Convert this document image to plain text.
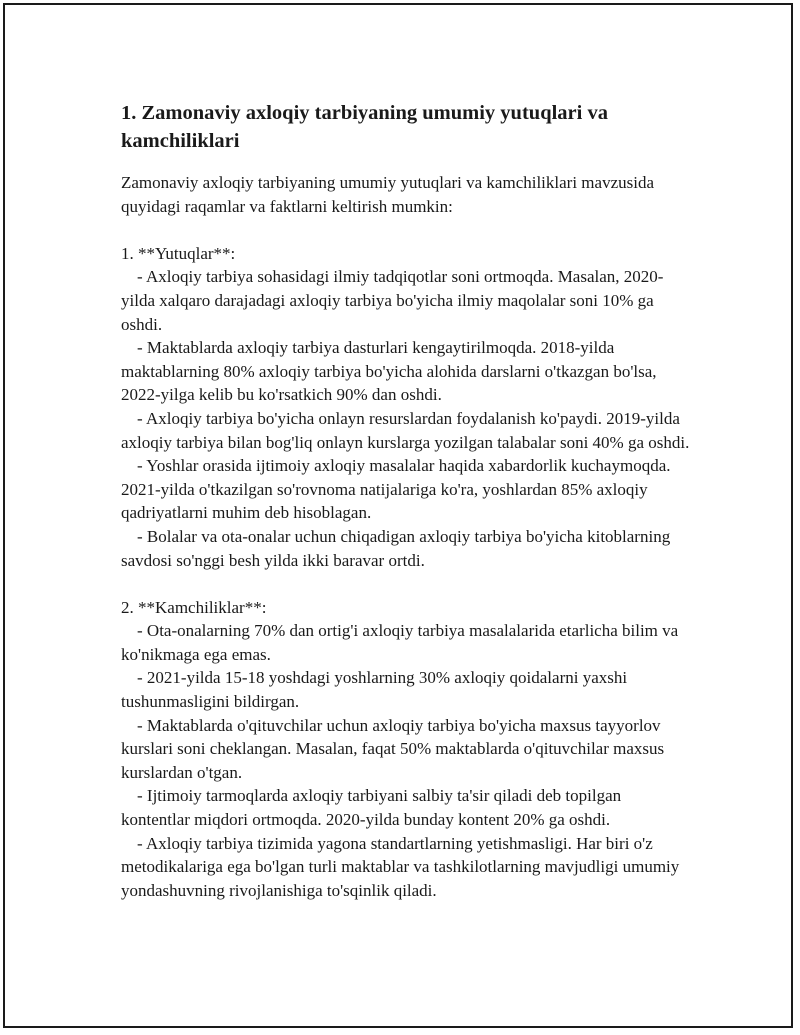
1. Zamonaviy axloqiy tarbiyaning umumiy yutuqlari va kamchiliklari

Zamonaviy axloqiy tarbiyaning umumiy yutuqlari va kamchiliklari mavzusida quyidagi raqamlar va faktlarni keltirish mumkin:

1. **Yutuqlar**:

- Axloqiy tarbiya sohasidagi ilmiy tadqiqotlar soni ortmoqda. Masalan, 2020-yilda xalqaro darajadagi axloqiy tarbiya bo'yicha ilmiy maqolalar soni 10% ga oshdi.

- Maktablarda axloqiy tarbiya dasturlari kengaytirilmoqda. 2018-yilda maktablarning 80% axloqiy tarbiya bo'yicha alohida darslarni o'tkazgan bo'lsa, 2022-yilga kelib bu ko'rsatkich 90% dan oshdi.

- Axloqiy tarbiya bo'yicha onlayn resurslardan foydalanish ko'paydi. 2019-yilda axloqiy tarbiya bilan bog'liq onlayn kurslarga yozilgan talabalar soni 40% ga oshdi.

- Yoshlar orasida ijtimoiy axloqiy masalalar haqida xabardorlik kuchaymoqda. 2021-yilda o'tkazilgan so'rovnoma natijalariga ko'ra, yoshlardan 85% axloqiy qadriyatlarni muhim deb hisoblagan.

- Bolalar va ota-onalar uchun chiqadigan axloqiy tarbiya bo'yicha kitoblarning savdosi so'nggi besh yilda ikki baravar ortdi.

2. **Kamchiliklar**:

- Ota-onalarning 70% dan ortig'i axloqiy tarbiya masalalarida etarlicha bilim va ko'nikmaga ega emas.

- 2021-yilda 15-18 yoshdagi yoshlarning 30% axloqiy qoidalarni yaxshi tushunmasligini bildirgan.

- Maktablarda o'qituvchilar uchun axloqiy tarbiya bo'yicha maxsus tayyorlov kurslari soni cheklangan. Masalan, faqat 50% maktablarda o'qituvchilar maxsus kurslardan o'tgan.

- Ijtimoiy tarmoqlarda axloqiy tarbiyani salbiy ta'sir qiladi deb topilgan kontentlar miqdori ortmoqda. 2020-yilda bunday kontent 20% ga oshdi.

- Axloqiy tarbiya tizimida yagona standartlarning yetishmasligi. Har biri o'z metodikalariga ega bo'lgan turli maktablar va tashkilotlarning mavjudligi umumiy yondashuvning rivojlanishiga to'sqinlik qiladi.
